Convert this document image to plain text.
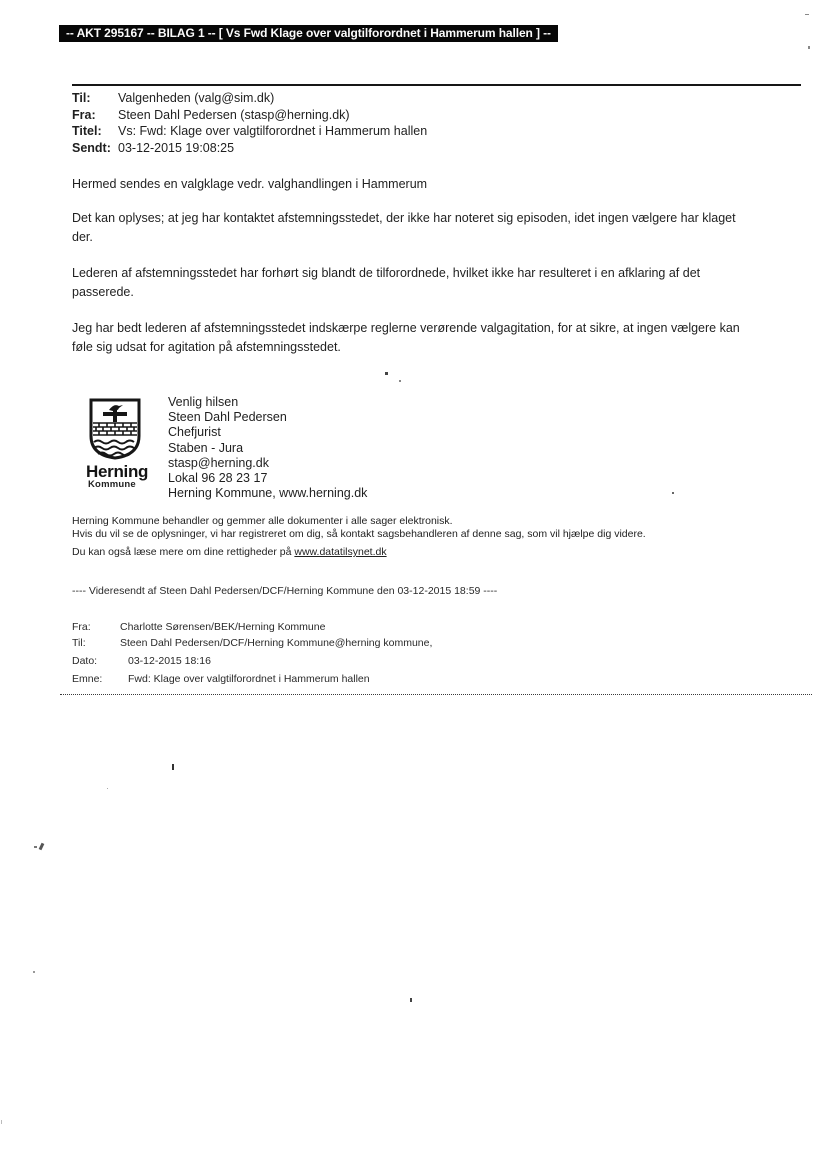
-- AKT 295167 -- BILAG 1 -- [ Vs Fwd Klage over valgtilforordnet i Hammerum hallen ] --
Til:	Valgenheden (valg@sim.dk)
Fra:	Steen Dahl Pedersen (stasp@herning.dk)
Titel:	Vs: Fwd: Klage over valgtilforordnet i Hammerum hallen
Sendt: 03-12-2015 19:08:25
Hermed sendes en valgklage vedr. valghandlingen i Hammerum
Det kan oplyses; at jeg har kontaktet afstemningsstedet, der ikke har noteret sig episoden, idet ingen vælgere har klaget
der.
Lederen af afstemningsstedet har forhørt sig blandt de tilforordnede, hvilket ikke har resulteret i en afklaring af det
passerede.
Jeg har bedt lederen af afstemningsstedet indskærpe reglerne verørende valgagitation, for at sikre, at ingen vælgere kan
føle sig udsat for agitation på afstemningsstedet.
Herning
Kommune
Venlig hilsen
Steen Dahl Pedersen
Chefjurist
Staben - Jura
stasp@herning.dk
Lokal 96 28 23 17
Herning Kommune, www.herning.dk
Herning Kommune behandler og gemmer alle dokumenter i alle sager elektronisk.
Hvis du vil se de oplysninger, vi har registreret om dig, så kontakt sagsbehandleren af denne sag, som vil hjælpe dig videre.
Du kan også læse mere om dine rettigheder på www.datatilsynet.dk
---- Videresendt af Steen Dahl Pedersen/DCF/Herning Kommune den 03-12-2015 18:59 ----
Fra:	Charlotte Sørensen/BEK/Herning Kommune
Til:	Steen Dahl Pedersen/DCF/Herning Kommune@herning kommune,
Dato:	03-12-2015 18:16
Emne:	Fwd: Klage over valgtilforordnet i Hammerum hallen
